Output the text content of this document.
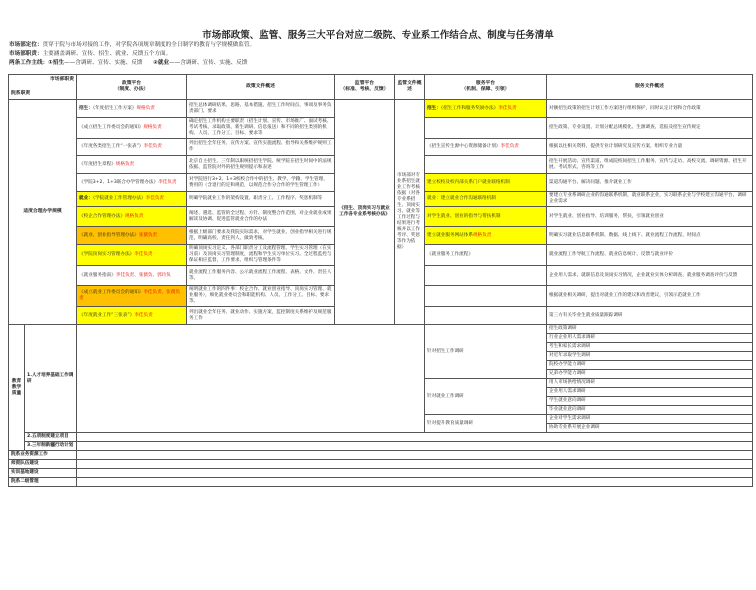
市场部政策、监管、服务三大平台对应二级院、专业系工作结合点、制度与任务清单
市场部定位：贯穿于院与市场对接的工作，对学院各项规章制度的全日制学的教育与学规模做监管。
市场部职责：主要涵盖调研、宣传、招生、就业、反馈五个方面。
两条工作主线：①招生——含调研、宣传、实施、反馈 ②就业——含调研、宣传、实施、反馈
市场部职责
院系职责		政策平台
（制度、办法）	政策文件概述	监管平台
（标准、考核、反馈）	监管文件概述	服务平台
（机制、保障、引领）	服务文件概述
适度合理办学规模		招生：《年度招生工作方案》规格负责	招生总体调研结果、思路、基本措施、招生工作时间点、事项及事务负责部门、要求	《招生、顶岗实习与就业工作各专业系考核办法》	市场部对专业系招生就业工作考核依据（对各专业系招生、顶岗实习、就业等工作过程与结果进行考核并以工作考评、奖惩等作为依据）	招生：《招生工作和服务奖励办法》李佳负责	对额招生政策的招生计划工作方案进行组织保护，同时认定计划和合作政策
		《成立招生工作委员会的通知》规格负责	确定招生工作机构主要职责（招生计划、宣传、市场推广、面试考核、考试考核、录取政策、新生调研、信息报送）和不同的招生类别的机构、人员、工作分工、目标、要求等				招生政策、专业设置、计划分配总规模化、生源调查、选报及招生宣传规定
		《年度各类招生工作“一张表”》李佳负责	列出招生全年任务、宣传方案、宣传实施流程、指导和关系维护规则工作			《招生宣传生源中心资源储备计划》李佳负责	根据以往相关资料，提供专业计划研究及宣传方案，组织专业力量
		《年度招生章程》规格负责	北京自主招生、三年制以职统招招生学院、统学院在招生时间中的法规依据、监管院对外的招生规则提示和表述				招生开展活动、宣传渠道、组成院校间招生工作服务、宣传与走访、高校交流、调研资源、招生开展、考试形式、咨询等工作
		《学院3+2、1+3联合办学管理办法》李佳负责	对学院进行3+2、1+3校校合作中的招生、教学、学籍、学生管理、费用的（含退行的定和规范，以规范合作分合作的学生管理工作）			建立校校及校内部关系门户就业联络机制	渠道沟通平台、解决问题、推介就业工作
		就业：《学院就业工作管理办法》李佳负责	明确学院就业工作的架构设置、职责分工、工作程序、奖惩机制等			就业：建立就业合作沟通联络机制	要建立专业系调研企业的沟通联系机制，就业联系企业，实习联系企业与学校建立沟通平台、调研企业需求
		《校企合作管理办法》规格负责	阐述、遴选、监管的全过程、方针、制度整合作范围，对企业就业成果解读及协调、促进监管就业合作的办法			对学生就业、创业的指导与帮扶机制	对学生就业、创业指导、培训服务，帮扶，引领就业创业
		《就业、创业指导管理办法》张薇负责	根据上级部门要求及我院实际需求，对学生就业、创业指导相关进行规范，明确高校、责任到人、做效考核。			建立就业服务网站体系规格负责	明确实习就业信息联系机制、数据、线上线下、就业流程工作流程、时间点
		《学院顶岗实习管理办法》李佳负责	明确顶岗实习定义、各部门职责分工及流程管理、学生实习管理（在实习前）及顶岗实习管理制度，流程和学生实习单位实习。全过程监控与保证相应监督，工作要求、组织与管理条件等			《就业服务工作流程》	就业流程工作导航工作流程、就业信息统计、反馈与就业评价
		《就业服务指南》李佳负责、张薇负、郭玲负	就业流程工作服务内容、公示就业流程工作流程、表格、文件、责任人等。				企业用人需求、就职信息及顶岗实习情况，企业就业实体分析调查、就业服务调查评价与反馈
		《成立就业工作委员会的通知》李佳负责、张薇负责	阐明就业工作的四件事：校企合作、就业创业指导、顶岗实习管理、就业服务），细化就业委员会和职能机构、人员、工作分工、目标、要求等。				根据就业相关调研，提出对就业工作的建议和改善建议，引领示范就业工作
		《年度就业工作“三张表”》李佳负责	列出就业全年任务、就业动作、实施方案，监控制度关系维护及规范服务工作				第三方有关毕业生就业质量跟踪调研
教育教学质量	1.人才培养基础工作调研					针对招生工作调研	招生政策调研
							行业企业用人需求调研
							考生和家长需求调研
							对近年录取学生调研
							院校办学能力调研
							兄弟办学能力调研
						针对就业工作调研	用人市场供给情况调研
							企业用人需求调研
							学生就业意向调研
							毕业就业意向调研
						针对提升教育质量调研	企业对学生需求调研
							协助专业系开展企业调研
	2.五项制度建立项目						
	3.三年制新疆行动计划						
院系业务资源工作							
师资队伍建设							
实训基地建设							
院系二级管理							
